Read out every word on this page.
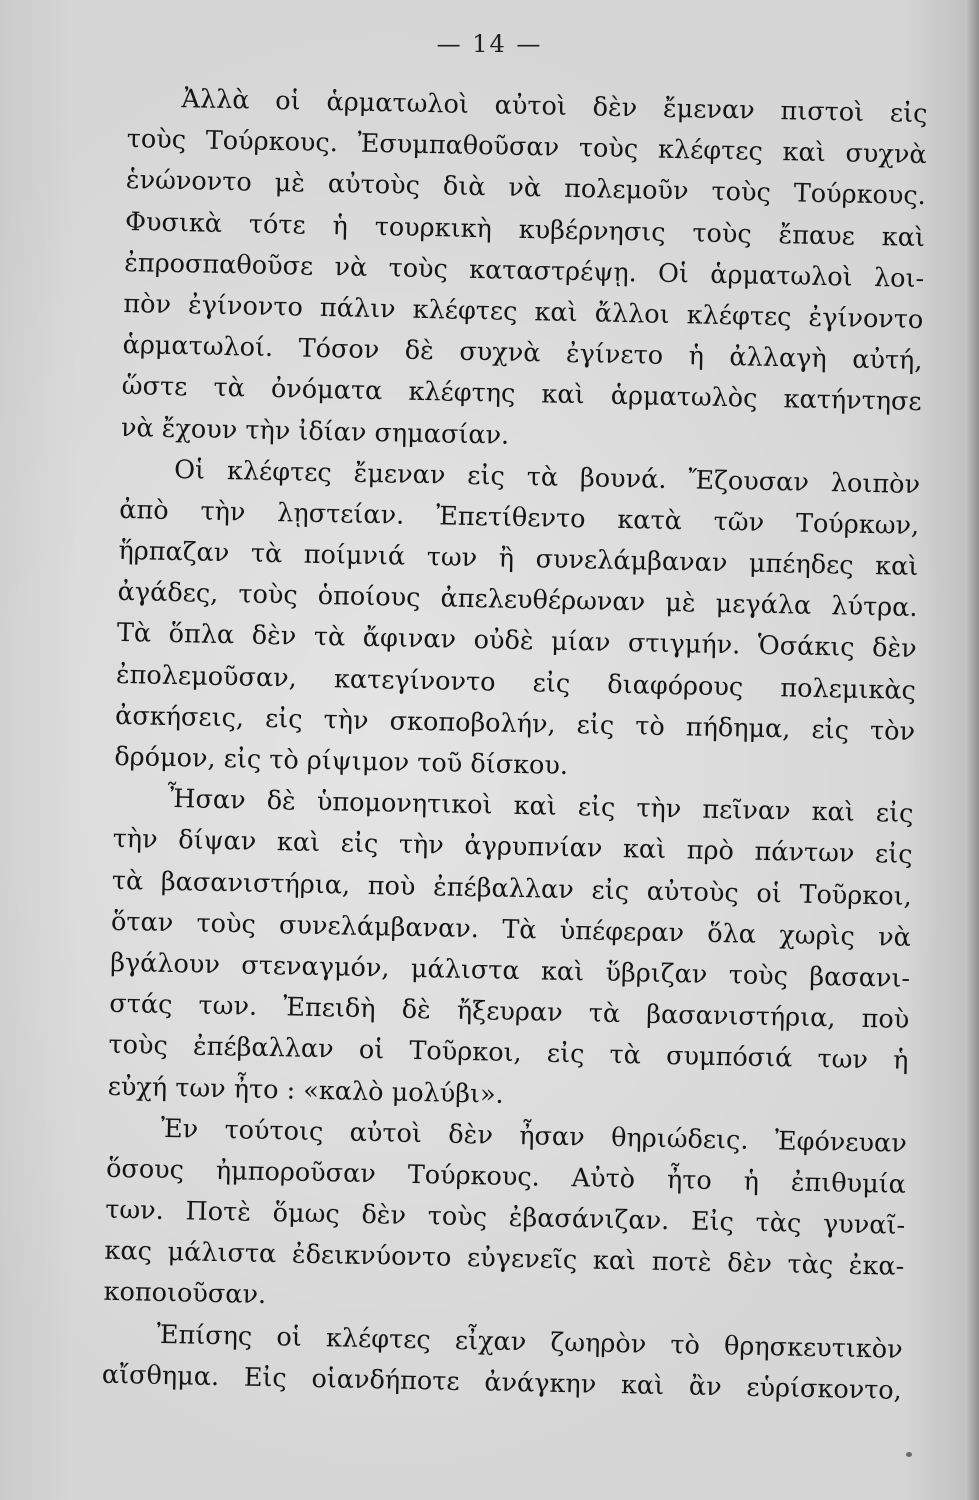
— 14 —
Ἀλλὰ οἱ ἁρματωλοὶ αὐτοὶ δὲν ἔμεναν πιστοὶ εἰς
τοὺς Τούρκους. Ἐσυμπαθοῦσαν τοὺς κλέφτες καὶ συχνὰ
ἑνώνοντο μὲ αὐτοὺς διὰ νὰ πολεμοῦν τοὺς Τούρκους.
Φυσικὰ τότε ἡ τουρκικὴ κυβέρνησις τοὺς ἔπαυε καὶ
ἐπροσπαθοῦσε νὰ τοὺς καταστρέψῃ. Οἱ ἁρματωλοὶ λοι-
πὸν ἐγίνοντο πάλιν κλέφτες καὶ ἄλλοι κλέφτες ἐγίνοντο
ἁρματωλοί. Τόσον δὲ συχνὰ ἐγίνετο ἡ ἀλλαγὴ αὐτή,
ὥστε τὰ ὀνόματα κλέφτης καὶ ἁρματωλὸς κατήντησε
νὰ ἔχουν τὴν ἰδίαν σημασίαν.
Οἱ κλέφτες ἔμεναν εἰς τὰ βουνά. Ἔζουσαν λοιπὸν
ἀπὸ τὴν λῃστείαν. Ἐπετίθεντο κατὰ τῶν Τούρκων,
ἥρπαζαν τὰ ποίμνιά των ἢ συνελάμβαναν μπέηδες καὶ
ἀγάδες, τοὺς ὁποίους ἀπελευθέρωναν μὲ μεγάλα λύτρα.
Τὰ ὅπλα δὲν τὰ ἄφιναν οὐδὲ μίαν στιγμήν. Ὁσάκις δὲν
ἐπολεμοῦσαν, κατεγίνοντο εἰς διαφόρους πολεμικὰς
ἀσκήσεις, εἰς τὴν σκοποβολήν, εἰς τὸ πήδημα, εἰς τὸν
δρόμον, εἰς τὸ ρίψιμον τοῦ δίσκου.
Ἦσαν δὲ ὑπομονητικοὶ καὶ εἰς τὴν πεῖναν καὶ εἰς
τὴν δίψαν καὶ εἰς τὴν ἀγρυπνίαν καὶ πρὸ πάντων εἰς
τὰ βασανιστήρια, ποὺ ἐπέβαλλαν εἰς αὐτοὺς οἱ Τοῦρκοι,
ὅταν τοὺς συνελάμβαναν. Τὰ ὑπέφεραν ὅλα χωρὶς νὰ
βγάλουν στεναγμόν, μάλιστα καὶ ὕβριζαν τοὺς βασανι-
στάς των. Ἐπειδὴ δὲ ἤξευραν τὰ βασανιστήρια, ποὺ
τοὺς ἐπέβαλλαν οἱ Τοῦρκοι, εἰς τὰ συμπόσιά των ἡ
εὐχή των ἦτο : «καλὸ μολύβι».
Ἐν τούτοις αὐτοὶ δὲν ἦσαν θηριώδεις. Ἐφόνευαν
ὅσους ἠμποροῦσαν Τούρκους. Αὐτὸ ἦτο ἡ ἐπιθυμία
των. Ποτὲ ὅμως δὲν τοὺς ἐβασάνιζαν. Εἰς τὰς γυναῖ-
κας μάλιστα ἐδεικνύοντο εὐγενεῖς καὶ ποτὲ δὲν τὰς ἐκα-
κοποιοῦσαν.
Ἐπίσης οἱ κλέφτες εἶχαν ζωηρὸν τὸ θρησκευτικὸν
αἴσθημα. Εἰς οἱανδήποτε ἀνάγκην καὶ ἂν εὑρίσκοντο,
